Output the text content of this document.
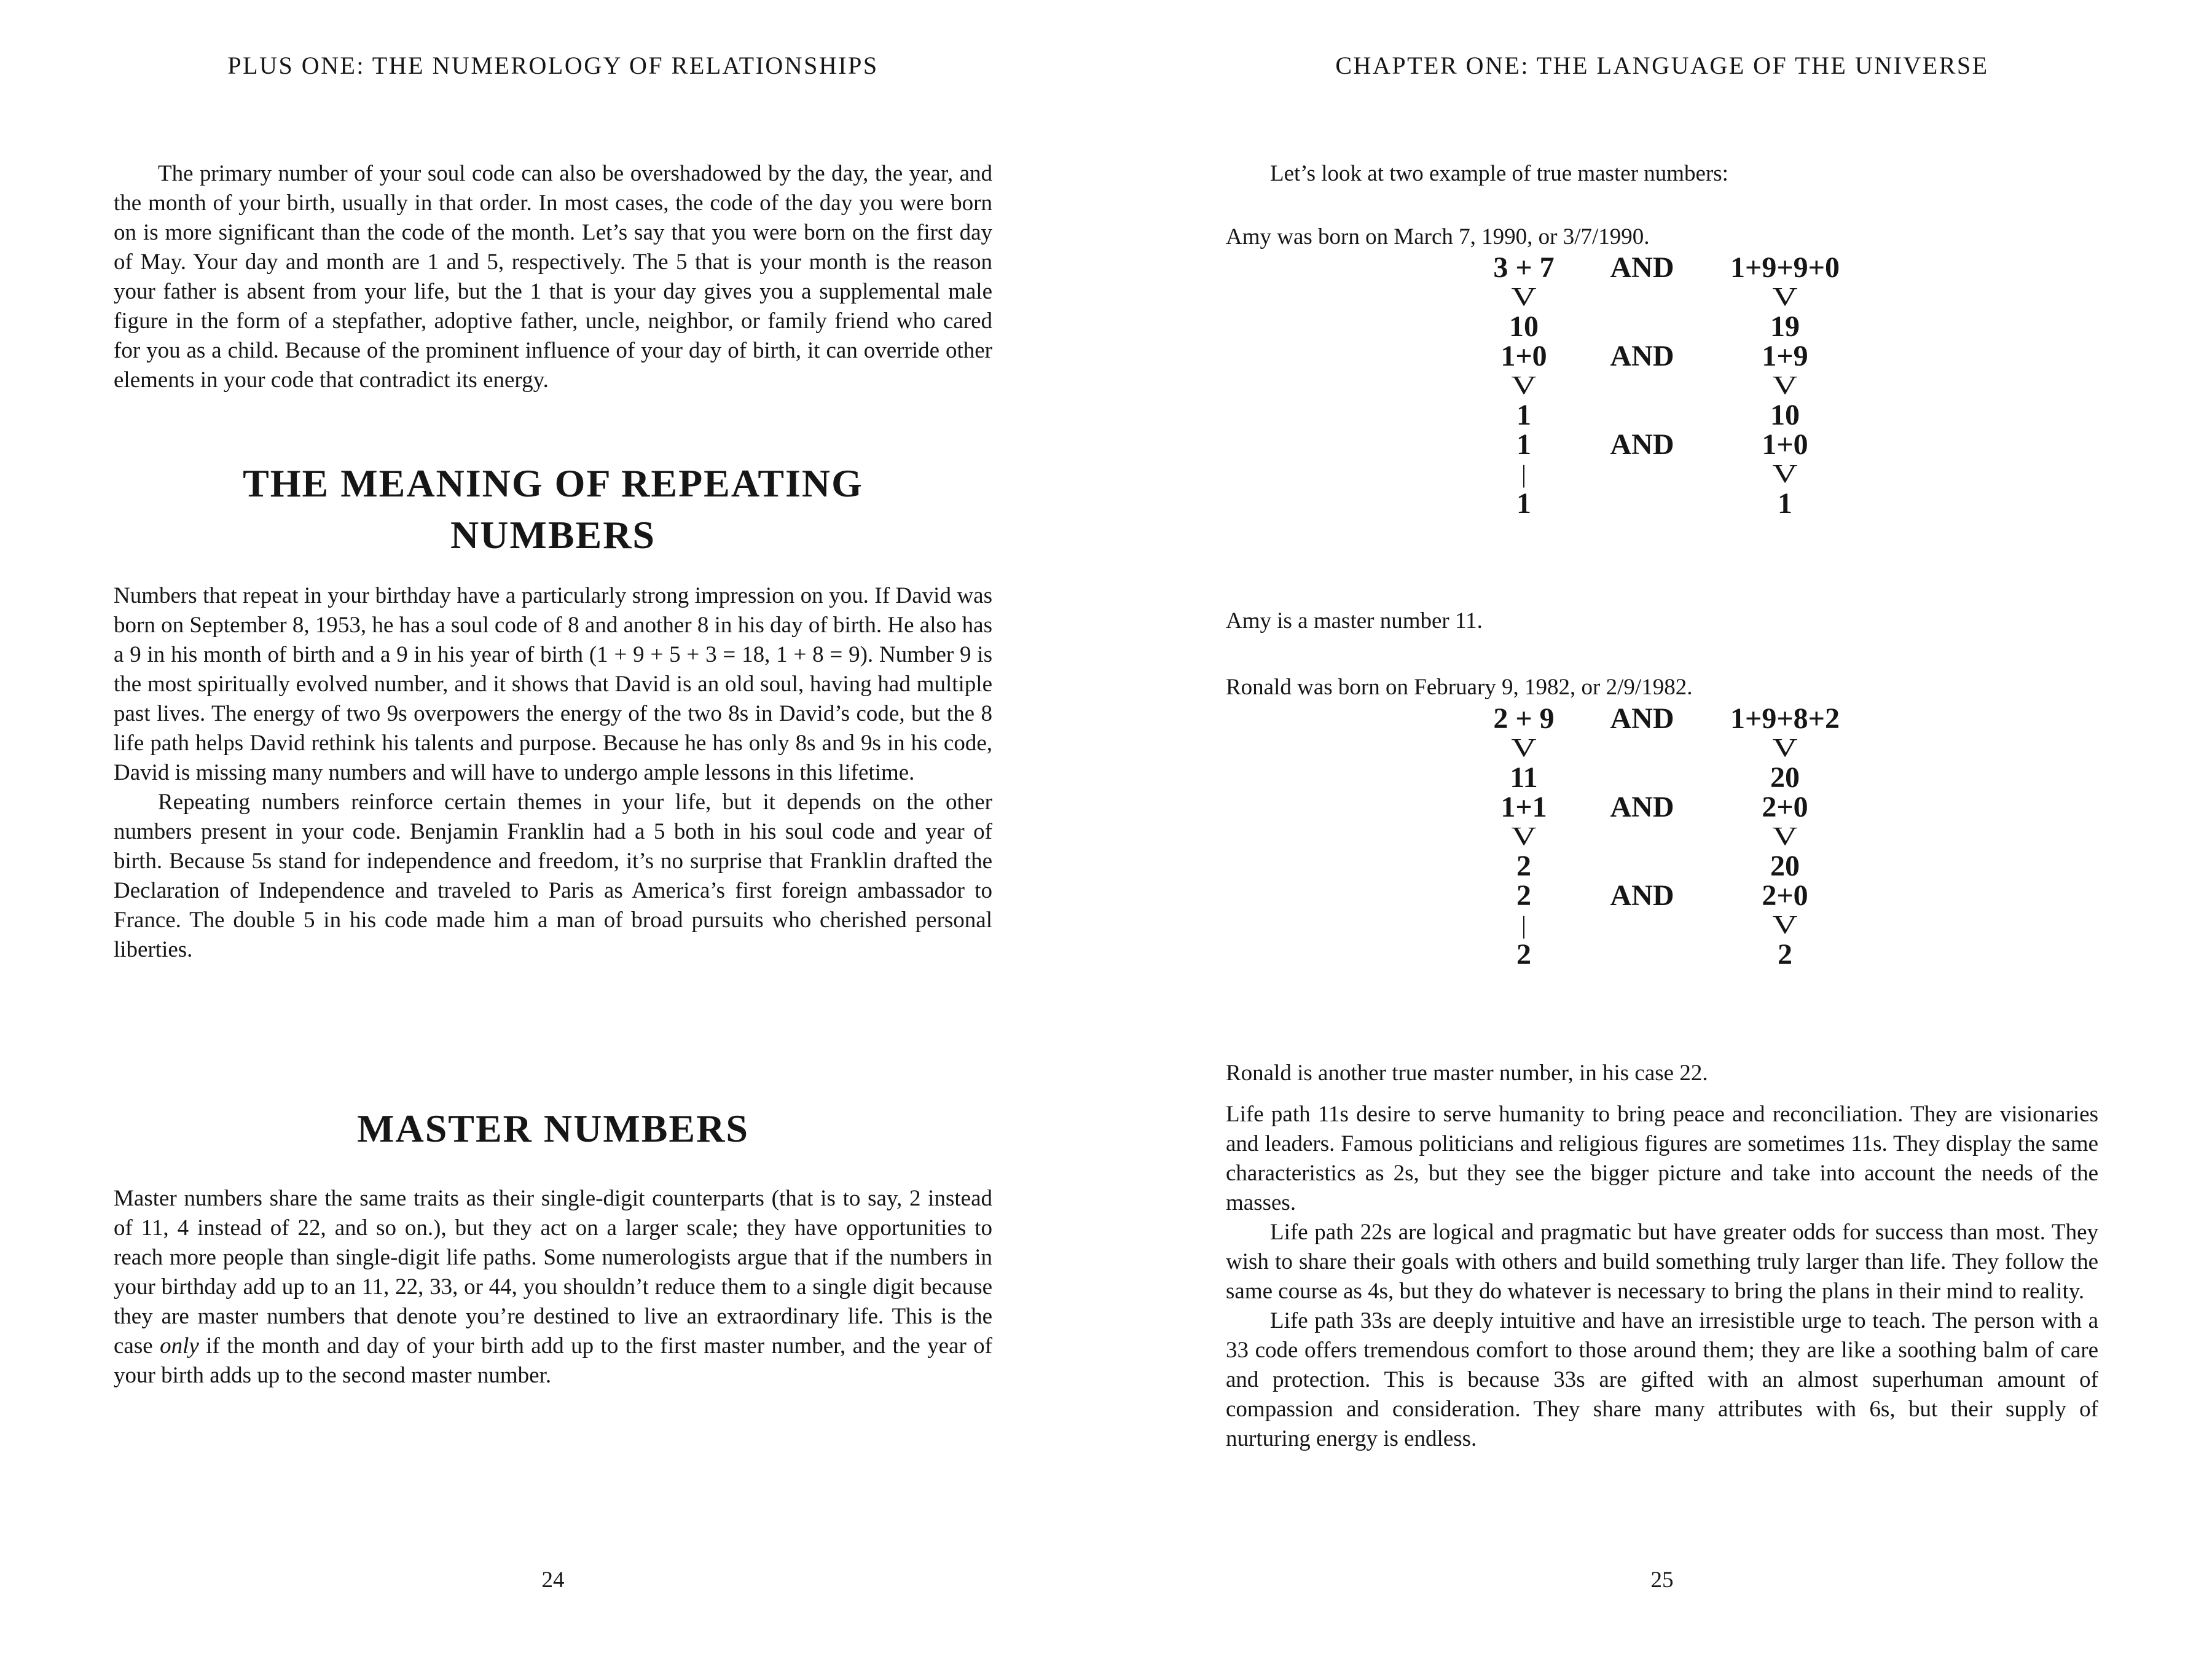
PLUS ONE: THE NUMEROLOGY OF RELATIONSHIPS

The primary number of your soul code can also be overshadowed by the day, the year, and the month of your birth, usually in that order. In most cases, the code of the day you were born on is more significant than the code of the month. Let’s say that you were born on the first day of May. Your day and month are 1 and 5, respectively. The 5 that is your month is the reason your father is absent from your life, but the 1 that is your day gives you a supplemental male figure in the form of a stepfather, adoptive father, uncle, neighbor, or family friend who cared for you as a child. Because of the prominent influence of your day of birth, it can override other elements in your code that contradict its energy.

THE MEANING OF REPEATING NUMBERS

Numbers that repeat in your birthday have a particularly strong impression on you. If David was born on September 8, 1953, he has a soul code of 8 and another 8 in his day of birth. He also has a 9 in his month of birth and a 9 in his year of birth (1 + 9 + 5 + 3 = 18, 1 + 8 = 9). Number 9 is the most spiritually evolved number, and it shows that David is an old soul, having had multiple past lives. The energy of two 9s overpowers the energy of the two 8s in David’s code, but the 8 life path helps David rethink his talents and purpose. Because he has only 8s and 9s in his code, David is missing many numbers and will have to undergo ample lessons in this lifetime.

Repeating numbers reinforce certain themes in your life, but it depends on the other numbers present in your code. Benjamin Franklin had a 5 both in his soul code and year of birth. Because 5s stand for independence and freedom, it’s no surprise that Franklin drafted the Declaration of Independence and traveled to Paris as America’s first foreign ambassador to France. The double 5 in his code made him a man of broad pursuits who cherished personal liberties.

MASTER NUMBERS

Master numbers share the same traits as their single-digit counterparts (that is to say, 2 instead of 11, 4 instead of 22, and so on.), but they act on a larger scale; they have opportunities to reach more people than single-digit life paths. Some numerologists argue that if the numbers in your birthday add up to an 11, 22, 33, or 44, you shouldn’t reduce them to a single digit because they are master numbers that denote you’re destined to live an extraordinary life. This is the case only if the month and day of your birth add up to the first master number, and the year of your birth adds up to the second master number.

24
CHAPTER ONE: THE LANGUAGE OF THE UNIVERSE

Let’s look at two example of true master numbers:

Amy was born on March 7, 1990, or 3/7/1990.

3 + 7	AND	1+9+9+0
V	V
10	19
1+0	AND	1+9
V	V
1	10
1	AND	1+0
|	V
1	1

Amy is a master number 11.

Ronald was born on February 9, 1982, or 2/9/1982.

2 + 9	AND	1+9+8+2
V	V
11	20
1+1	AND	2+0
V	V
2	20
2	AND	2+0
|	V
2	2

Ronald is another true master number, in his case 22.

Life path 11s desire to serve humanity to bring peace and reconciliation. They are visionaries and leaders. Famous politicians and religious figures are sometimes 11s. They display the same characteristics as 2s, but they see the bigger picture and take into account the needs of the masses.

Life path 22s are logical and pragmatic but have greater odds for success than most. They wish to share their goals with others and build something truly larger than life. They follow the same course as 4s, but they do whatever is necessary to bring the plans in their mind to reality.

Life path 33s are deeply intuitive and have an irresistible urge to teach. The person with a 33 code offers tremendous comfort to those around them; they are like a soothing balm of care and protection. This is because 33s are gifted with an almost superhuman amount of compassion and consideration. They share many attributes with 6s, but their supply of nurturing energy is endless.

25
